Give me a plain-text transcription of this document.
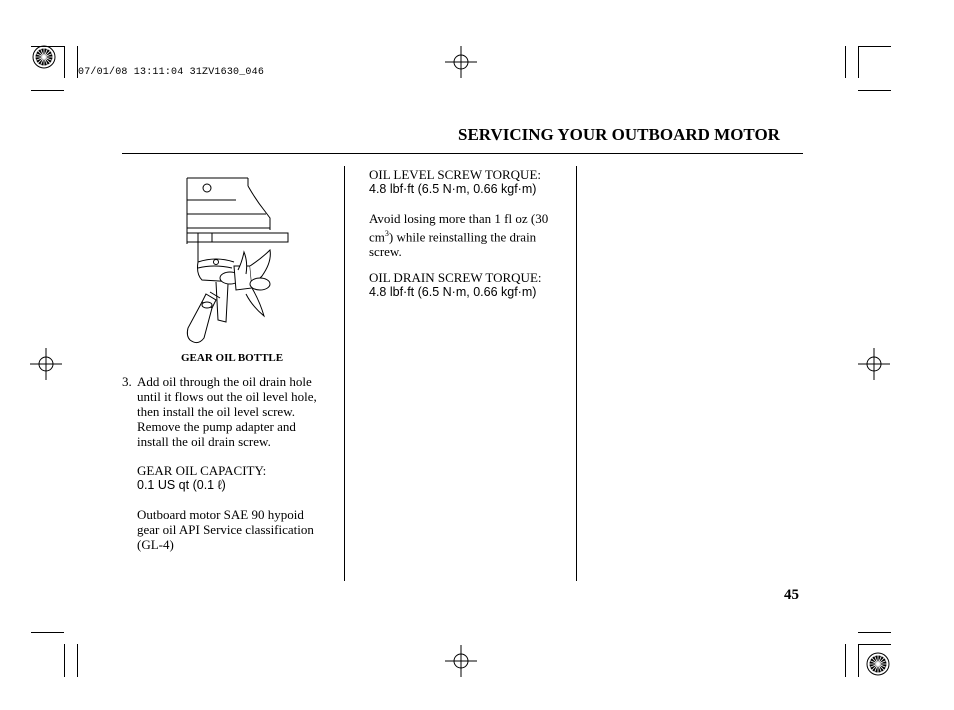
07/01/08 13:11:04 31ZV1630_046
SERVICING YOUR OUTBOARD MOTOR
GEAR OIL BOTTLE
3. Add oil through the oil drain hole
until it flows out the oil level hole,
then install the oil level screw.
Remove the pump adapter and
install the oil drain screw.
GEAR OIL CAPACITY:
0.1 US qt (0.1 ℓ)
Outboard motor SAE 90 hypoid
gear oil API Service classification
(GL-4)
OIL LEVEL SCREW TORQUE:
4.8 lbf·ft (6.5 N·m, 0.66 kgf·m)
Avoid losing more than 1 fl oz (30
$cm^3$) while reinstalling the drain
screw.
OIL DRAIN SCREW TORQUE:
4.8 lbf·ft (6.5 N·m, 0.66 kgf·m)
45
